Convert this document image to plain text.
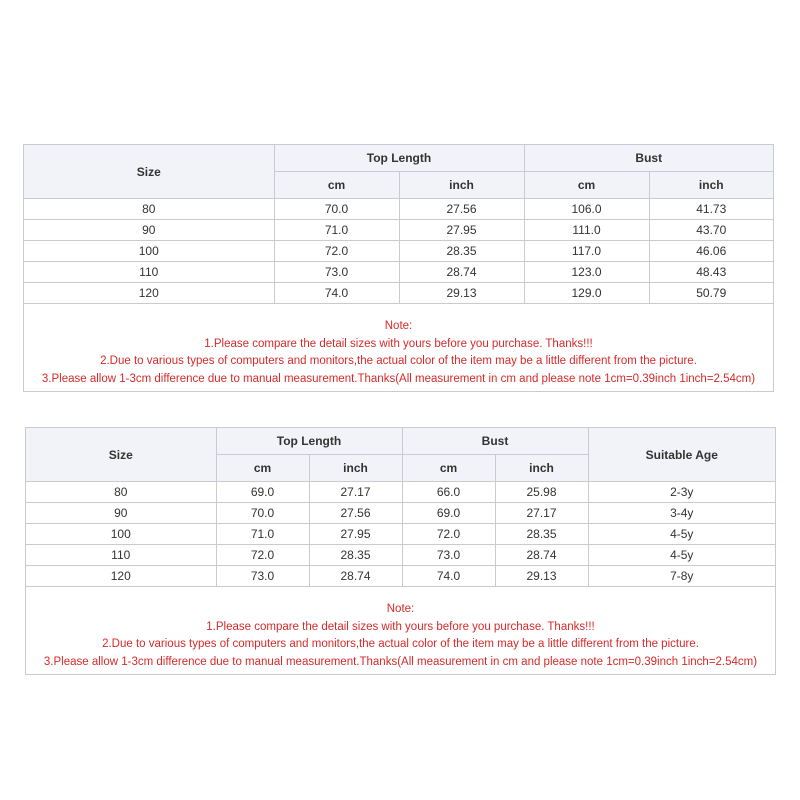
Size	Top Length		Bust	
	cm	inch	cm	inch
80	70.0	27.56	106.0	41.73
90	71.0	27.95	111.0	43.70
100	72.0	28.35	117.0	46.06
110	73.0	28.74	123.0	48.43
120	74.0	29.13	129.0	50.79
Note:
1.Please compare the detail sizes with yours before you purchase. Thanks!!!
2.Due to various types of computers and monitors,the actual color of the item may be a little different from the picture.
3.Please allow 1-3cm difference due to manual measurement.Thanks(All measurement in cm and please note 1cm=0.39inch 1inch=2.54cm)
Size	Top Length		Bust		Suitable Age
	cm	inch	cm	inch	
80	69.0	27.17	66.0	25.98	2-3y
90	70.0	27.56	69.0	27.17	3-4y
100	71.0	27.95	72.0	28.35	4-5y
110	72.0	28.35	73.0	28.74	4-5y
120	73.0	28.74	74.0	29.13	7-8y
Note:
1.Please compare the detail sizes with yours before you purchase. Thanks!!!
2.Due to various types of computers and monitors,the actual color of the item may be a little different from the picture.
3.Please allow 1-3cm difference due to manual measurement.Thanks(All measurement in cm and please note 1cm=0.39inch 1inch=2.54cm)
